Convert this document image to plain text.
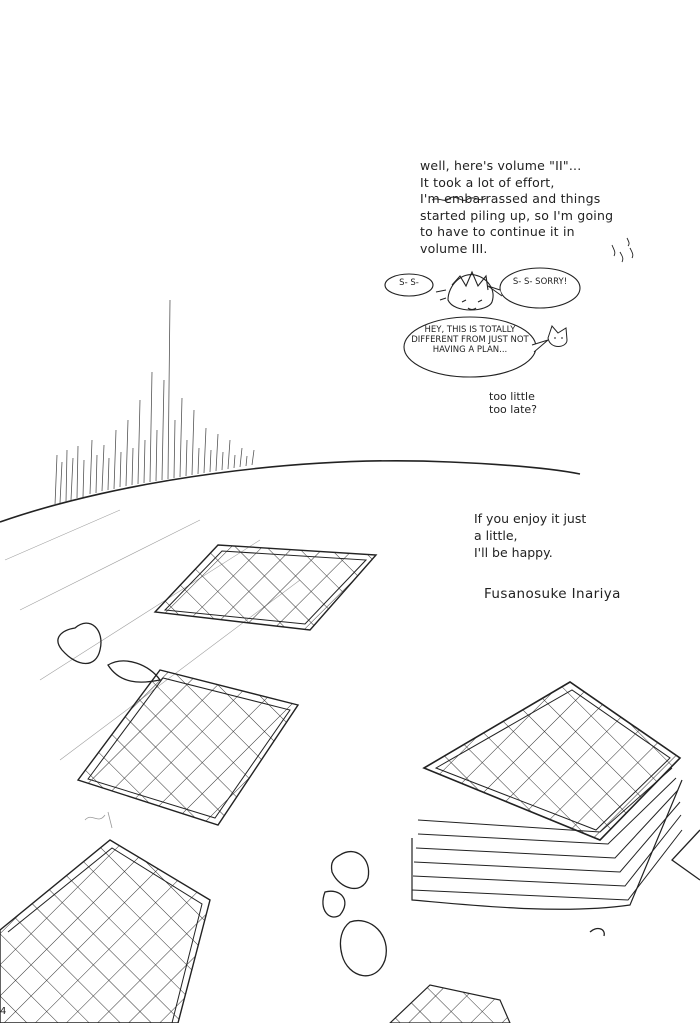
well, here's volume "II"...
It took a lot of effort,
I'm embarrassed and things
started piling up, so I'm going
to have to continue it in
volume III.
S- S-	S- S- SORRY!
HEY, THIS IS TOTALLY DIFFERENT FROM JUST NOT HAVING A PLAN...
too little
too late?
If you enjoy it just
a little,
I'll be happy.
Fusanosuke Inariya
4
